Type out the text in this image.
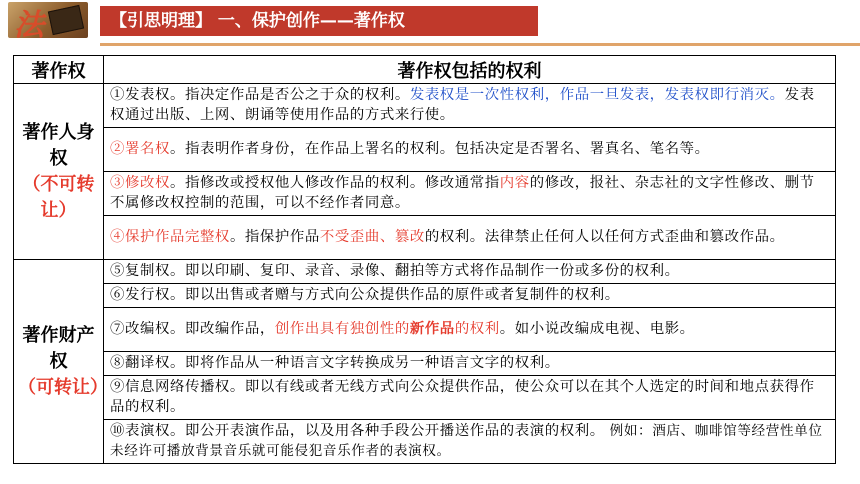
法	【引思明理】 一、保护创作——著作权
著作权	著作权包括的权利

著作人身权
（不可转让）	①发表权。指决定作品是否公之于众的权利。发表权是一次性权利，作品一旦发表，发表权即行消灭。发表权通过出版、上网、朗诵等使用作品的方式来行使。
	②署名权。指表明作者身份，在作品上署名的权利。包括决定是否署名、署真名、笔名等。
	③修改权。指修改或授权他人修改作品的权利。修改通常指内容的修改，报社、杂志社的文字性修改、删节不属修改权控制的范围，可以不经作者同意。
	④保护作品完整权。指保护作品不受歪曲、篡改的权利。法律禁止任何人以任何方式歪曲和篡改作品。

著作财产权
（可转让）	⑤复制权。即以印刷、复印、录音、录像、翻拍等方式将作品制作一份或多份的权利。
	⑥发行权。即以出售或者赠与方式向公众提供作品的原件或者复制件的权利。
	⑦改编权。即改编作品，创作出具有独创性的新作品的权利。如小说改编成电视、电影。
	⑧翻译权。即将作品从一种语言文字转换成另一种语言文字的权利。
	⑨信息网络传播权。即以有线或者无线方式向公众提供作品，使公众可以在其个人选定的时间和地点获得作品的权利。
	⑩表演权。即公开表演作品，以及用各种手段公开播送作品的表演的权利。 例如：酒店、咖啡馆等经营性单位未经许可播放背景音乐就可能侵犯音乐作者的表演权。
